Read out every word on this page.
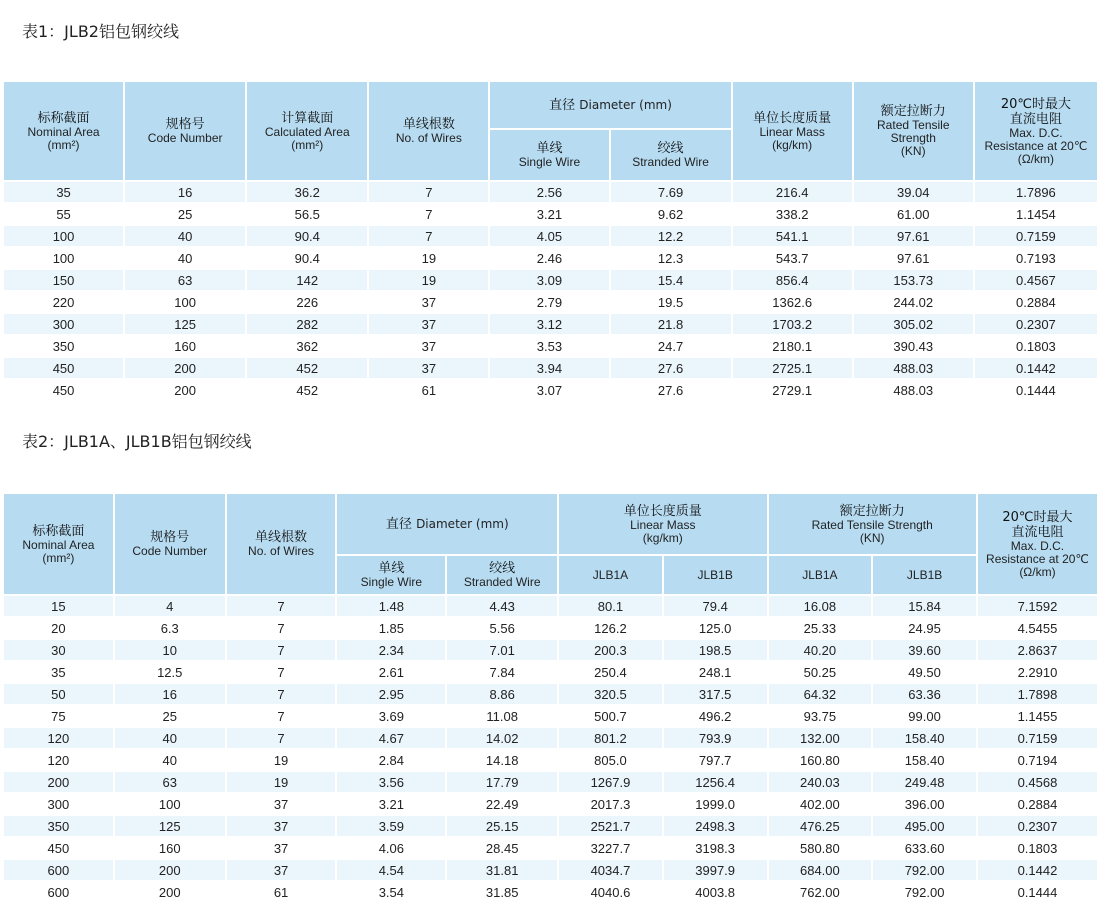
表1：JLB2铝包钢绞线
标称截面
Nominal Area
(mm²)	规格号
Code Number	计算截面
Calculated Area
(mm²)	单线根数
No. of Wires	直径 Diameter (mm)		单位长度质量
Linear Mass
(kg/km)	额定拉断力
Rated Tensile
Strength
(KN)	20℃时最大
直流电阻
Max. D.C.
Resistance at 20℃
(Ω/km)

				单线
Single Wire	绞线
Stranded Wire			

35	16	36.2	7	2.56	7.69	216.4	39.04	1.7896
55	25	56.5	7	3.21	9.62	338.2	61.00	1.1454
100	40	90.4	7	4.05	12.2	541.1	97.61	0.7159
100	40	90.4	19	2.46	12.3	543.7	97.61	0.7193
150	63	142	19	3.09	15.4	856.4	153.73	0.4567
220	100	226	37	2.79	19.5	1362.6	244.02	0.2884
300	125	282	37	3.12	21.8	1703.2	305.02	0.2307
350	160	362	37	3.53	24.7	2180.1	390.43	0.1803
450	200	452	37	3.94	27.6	2725.1	488.03	0.1442
450	200	452	61	3.07	27.6	2729.1	488.03	0.1444
表2：JLB1A、JLB1B铝包钢绞线
标称截面
Nominal Area
(mm²)	规格号
Code Number	单线根数
No. of Wires	直径 Diameter (mm)		单位长度质量
Linear Mass
(kg/km)		额定拉断力
Rated Tensile Strength
(KN)		20℃时最大
直流电阻
Max. D.C.
Resistance at 20℃
(Ω/km)

			单线
Single Wire	绞线
Stranded Wire	JLB1A	JLB1B	JLB1A	JLB1B	
15	4	7	1.48	4.43	80.1	79.4	16.08	15.84	7.1592
20	6.3	7	1.85	5.56	126.2	125.0	25.33	24.95	4.5455
30	10	7	2.34	7.01	200.3	198.5	40.20	39.60	2.8637
35	12.5	7	2.61	7.84	250.4	248.1	50.25	49.50	2.2910
50	16	7	2.95	8.86	320.5	317.5	64.32	63.36	1.7898
75	25	7	3.69	11.08	500.7	496.2	93.75	99.00	1.1455
120	40	7	4.67	14.02	801.2	793.9	132.00	158.40	0.7159
120	40	19	2.84	14.18	805.0	797.7	160.80	158.40	0.7194
200	63	19	3.56	17.79	1267.9	1256.4	240.03	249.48	0.4568
300	100	37	3.21	22.49	2017.3	1999.0	402.00	396.00	0.2884
350	125	37	3.59	25.15	2521.7	2498.3	476.25	495.00	0.2307
450	160	37	4.06	28.45	3227.7	3198.3	580.80	633.60	0.1803
600	200	37	4.54	31.81	4034.7	3997.9	684.00	792.00	0.1442
600	200	61	3.54	31.85	4040.6	4003.8	762.00	792.00	0.1444
